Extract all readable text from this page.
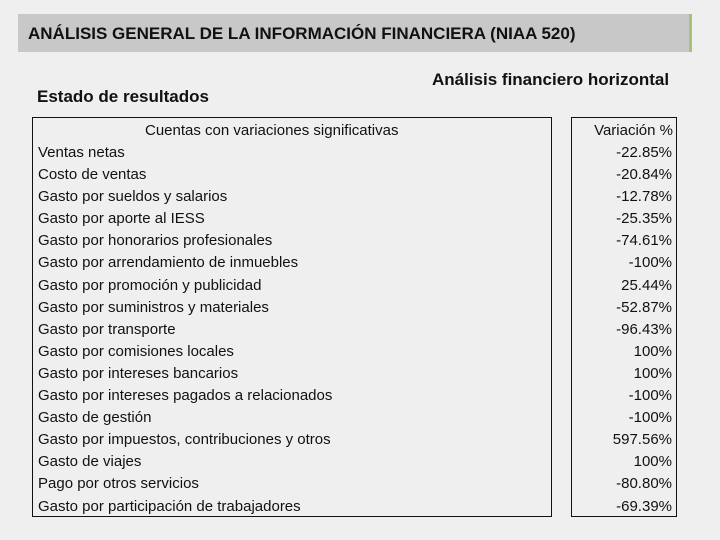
ANÁLISIS GENERAL DE LA INFORMACIÓN FINANCIERA (NIAA 520)
Estado de resultados
Análisis financiero horizontal
Cuentas con variaciones significativas	Variación %
Ventas netas
Costo de ventas
Gasto por sueldos y salarios
Gasto por aporte al IESS
Gasto por honorarios profesionales
Gasto por arrendamiento de inmuebles
Gasto por promoción y publicidad
Gasto por suministros y materiales
Gasto por transporte
Gasto por comisiones locales
Gasto por intereses bancarios
Gasto por intereses pagados a relacionados
Gasto de gestión
Gasto por impuestos, contribuciones y otros
Gasto de viajes
Pago por otros servicios
Gasto por participación de trabajadores
-22.85%
-20.84%
-12.78%
-25.35%
-74.61%
-100%
25.44%
-52.87%
-96.43%
100%
100%
-100%
-100%
597.56%
100%
-80.80%
-69.39%
